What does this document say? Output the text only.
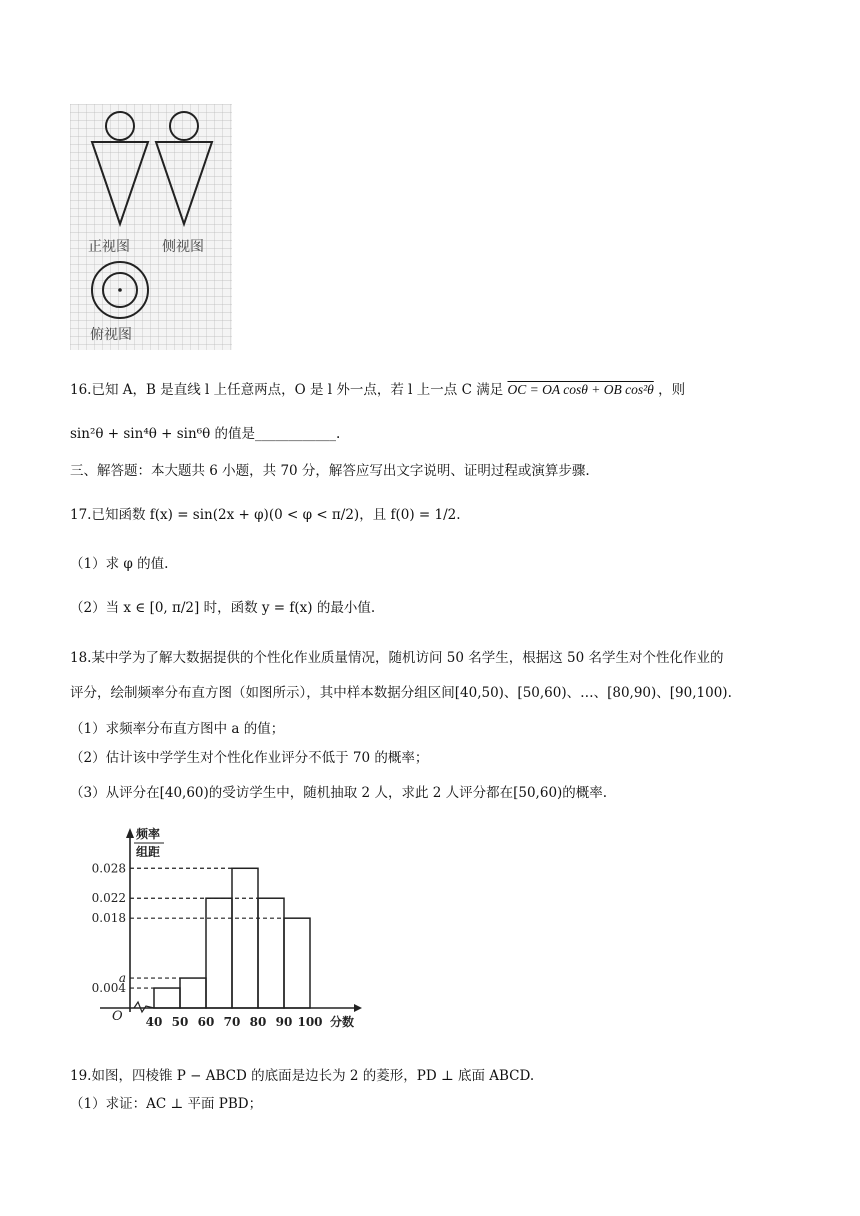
正视图 侧视图
俯视图
16.已知 A，B 是直线 l 上任意两点，O 是 l 外一点，若 l 上一点 C 满足 OC = OA cosθ + OB cos²θ ，则
sin²θ + sin⁴θ + sin⁶θ 的值是____________.
三、解答题：本大题共 6 小题，共 70 分，解答应写出文字说明、证明过程或演算步骤.
17.已知函数 f(x) = sin(2x + φ)(0 < φ < π/2)，且 f(0) = 1/2.
（1）求 φ 的值.
（2）当 x ∈ [0, π/2] 时，函数 y = f(x) 的最小值.
18.某中学为了解大数据提供的个性化作业质量情况，随机访问 50 名学生，根据这 50 名学生对个性化作业的
评分，绘制频率分布直方图（如图所示），其中样本数据分组区间[40,50)、[50,60)、…、[80,90)、[90,100).
（1）求频率分布直方图中 a 的值；
（2）估计该中学学生对个性化作业评分不低于 70 的概率；
（3）从评分在[40,60)的受访学生中，随机抽取 2 人，求此 2 人评分都在[50,60)的概率.
频率
组距
0.028
0.022
0.018
a
0.004
40 50 60 70 80 90 100 分数
O
19.如图，四棱锥 P − ABCD 的底面是边长为 2 的菱形，PD ⊥ 底面 ABCD.
（1）求证：AC ⊥ 平面 PBD；
